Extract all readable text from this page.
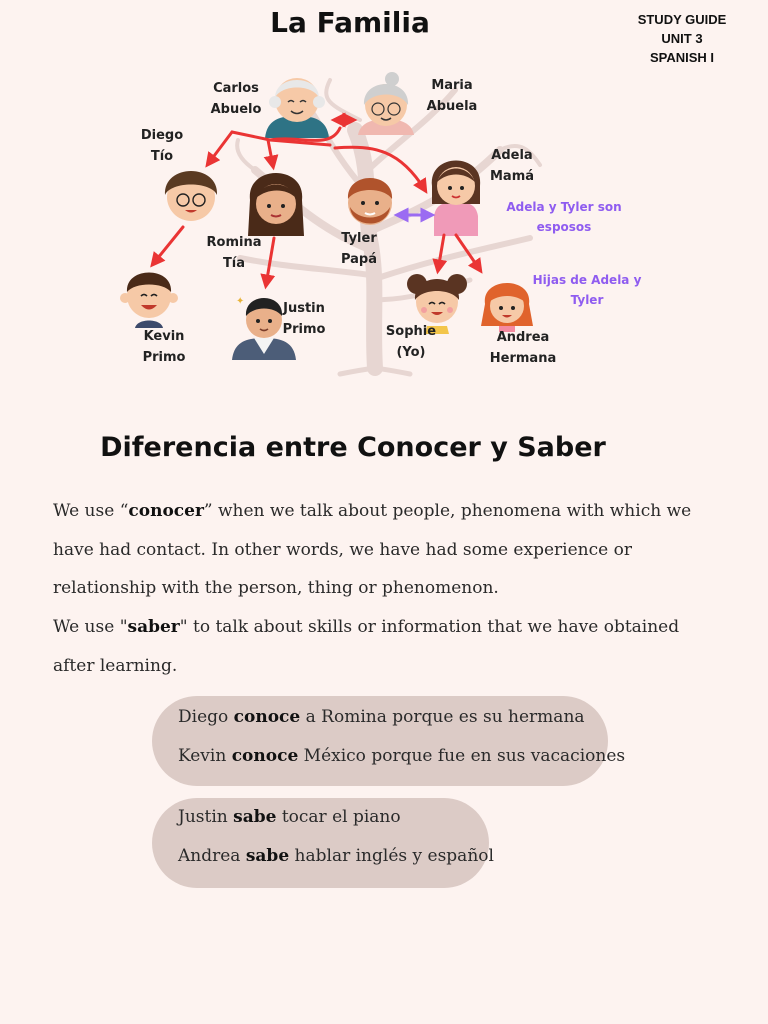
La Familia	STUDY GUIDE
UNIT 3
SPANISH I
✦
Carlos
Abuelo
Maria
Abuela
Diego
Tío	Adela
Mamá
Romina
Tía
Tyler
Papá
Justin
Primo
Kevin
Primo
Sophie
(Yo)
Andrea
Hermana
Adela y Tyler son
esposos
Hijas de Adela y
Tyler
Diferencia entre Conocer y Saber
We use “conocer” when we talk about people, phenomena with which we have had contact. In other words, we have had some experience or relationship with the person, thing or phenomenon.
We use "saber" to talk about skills or information that we have obtained after learning.
Diego conoce a Romina porque es su hermana
Kevin conoce México porque fue en sus vacaciones
Justin sabe tocar el piano
Andrea sabe hablar inglés y español
